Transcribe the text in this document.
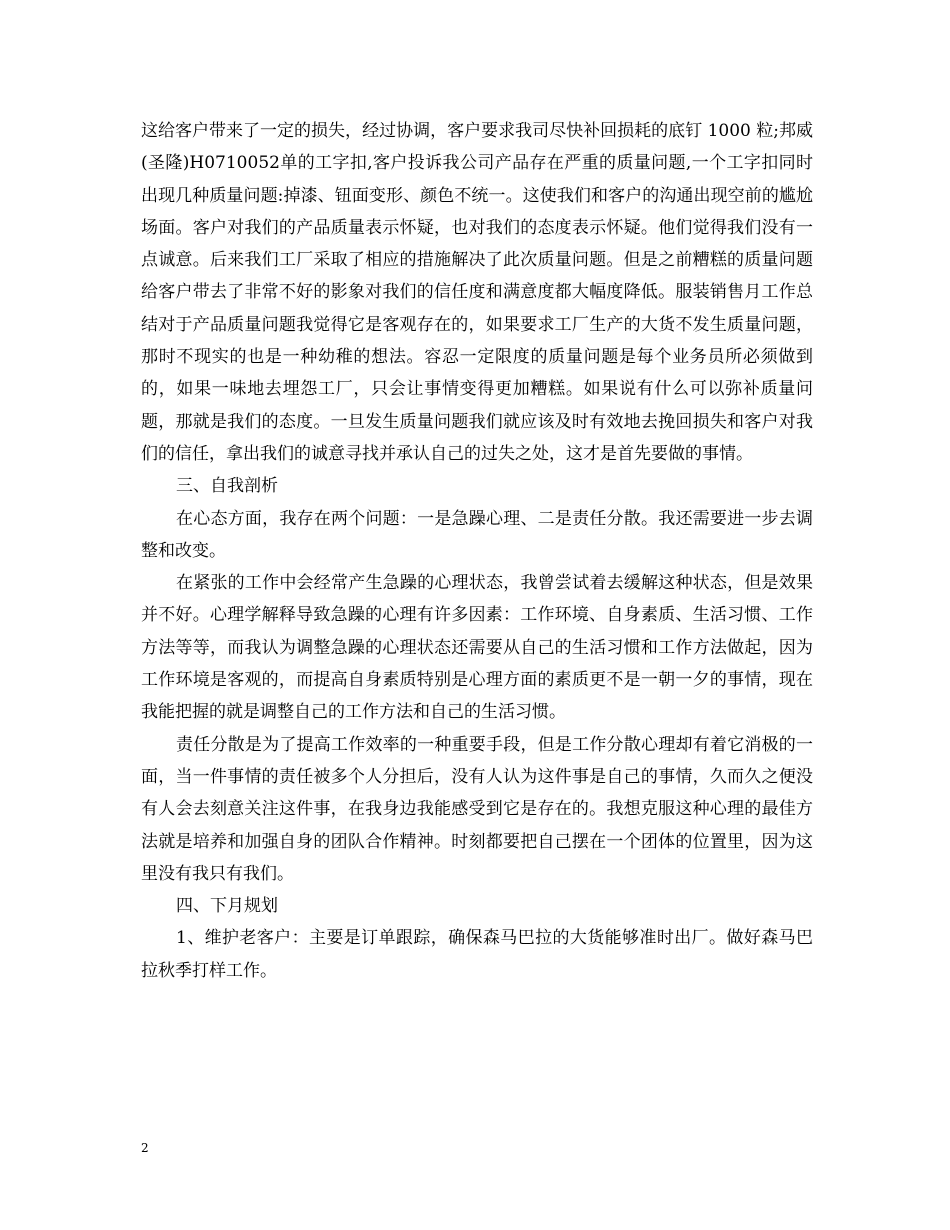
这给客户带来了一定的损失，经过协调，客户要求我司尽快补回损耗的底钉 1000 粒;邦威(圣隆)H0710052单的工字扣,客户投诉我公司产品存在严重的质量问题,一个工字扣同时出现几种质量问题:掉漆、钮面变形、颜色不统一。这使我们和客户的沟通出现空前的尴尬场面。客户对我们的产品质量表示怀疑，也对我们的态度表示怀疑。他们觉得我们没有一点诚意。后来我们工厂采取了相应的措施解决了此次质量问题。但是之前糟糕的质量问题给客户带去了非常不好的影象对我们的信任度和满意度都大幅度降低。服装销售月工作总结对于产品质量问题我觉得它是客观存在的，如果要求工厂生产的大货不发生质量问题，那时不现实的也是一种幼稚的想法。容忍一定限度的质量问题是每个业务员所必须做到的，如果一味地去埋怨工厂，只会让事情变得更加糟糕。如果说有什么可以弥补质量问题，那就是我们的态度。一旦发生质量问题我们就应该及时有效地去挽回损失和客户对我们的信任，拿出我们的诚意寻找并承认自己的过失之处，这才是首先要做的事情。

三、自我剖析

在心态方面，我存在两个问题：一是急躁心理、二是责任分散。我还需要进一步去调整和改变。

在紧张的工作中会经常产生急躁的心理状态，我曾尝试着去缓解这种状态，但是效果并不好。心理学解释导致急躁的心理有许多因素：工作环境、自身素质、生活习惯、工作方法等等，而我认为调整急躁的心理状态还需要从自己的生活习惯和工作方法做起，因为工作环境是客观的，而提高自身素质特别是心理方面的素质更不是一朝一夕的事情，现在我能把握的就是调整自己的工作方法和自己的生活习惯。

责任分散是为了提高工作效率的一种重要手段，但是工作分散心理却有着它消极的一面，当一件事情的责任被多个人分担后，没有人认为这件事是自己的事情，久而久之便没有人会去刻意关注这件事，在我身边我能感受到它是存在的。我想克服这种心理的最佳方法就是培养和加强自身的团队合作精神。时刻都要把自己摆在一个团体的位置里，因为这里没有我只有我们。

四、下月规划

1、维护老客户：主要是订单跟踪，确保森马巴拉的大货能够准时出厂。做好森马巴拉秋季打样工作。

2
